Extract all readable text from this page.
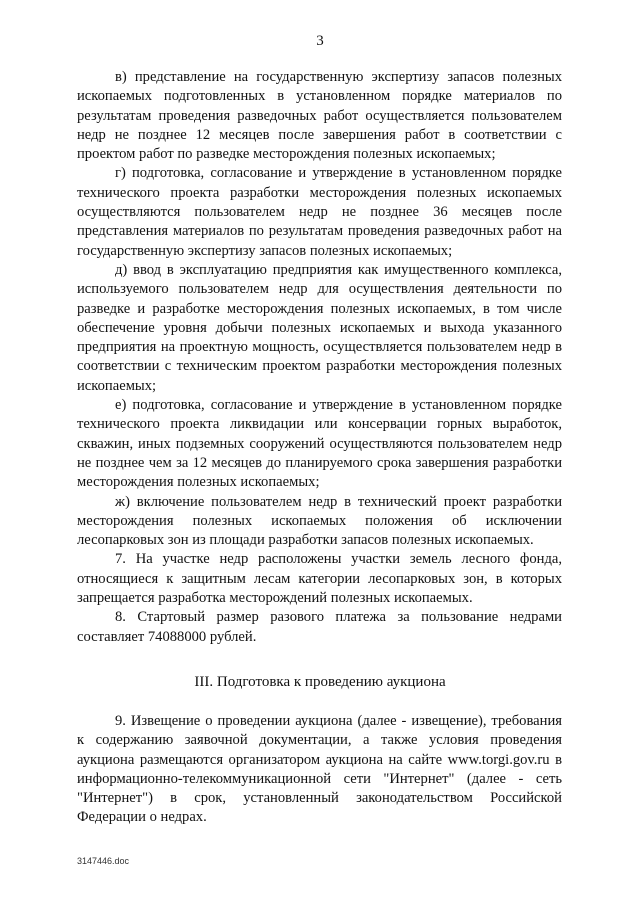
3

в) представление на государственную экспертизу запасов полезных ископаемых подготовленных в установленном порядке материалов по результатам проведения разведочных работ осуществляется пользователем недр не позднее 12 месяцев после завершения работ в соответствии с проектом работ по разведке месторождения полезных ископаемых;

г) подготовка, согласование и утверждение в установленном порядке технического проекта разработки месторождения полезных ископаемых осуществляются пользователем недр не позднее 36 месяцев после представления материалов по результатам проведения разведочных работ на государственную экспертизу запасов полезных ископаемых;

д) ввод в эксплуатацию предприятия как имущественного комплекса, используемого пользователем недр для осуществления деятельности по разведке и разработке месторождения полезных ископаемых, в том числе обеспечение уровня добычи полезных ископаемых и выхода указанного предприятия на проектную мощность, осуществляется пользователем недр в соответствии с техническим проектом разработки месторождения полезных ископаемых;

е) подготовка, согласование и утверждение в установленном порядке технического проекта ликвидации или консервации горных выработок, скважин, иных подземных сооружений осуществляются пользователем недр не позднее чем за 12 месяцев до планируемого срока завершения разработки месторождения полезных ископаемых;

ж) включение пользователем недр в технический проект разработки месторождения полезных ископаемых положения об исключении лесопарковых зон из площади разработки запасов полезных ископаемых.

7. На участке недр расположены участки земель лесного фонда, относящиеся к защитным лесам категории лесопарковых зон, в которых запрещается разработка месторождений полезных ископаемых.

8. Стартовый размер разового платежа за пользование недрами составляет 74088000 рублей.

III. Подготовка к проведению аукциона

9. Извещение о проведении аукциона (далее - извещение), требования к содержанию заявочной документации, а также условия проведения аукциона размещаются организатором аукциона на сайте www.torgi.gov.ru в информационно-телекоммуникационной сети "Интернет" (далее - сеть "Интернет") в срок, установленный законодательством Российской Федерации о недрах.

3147446.doc
